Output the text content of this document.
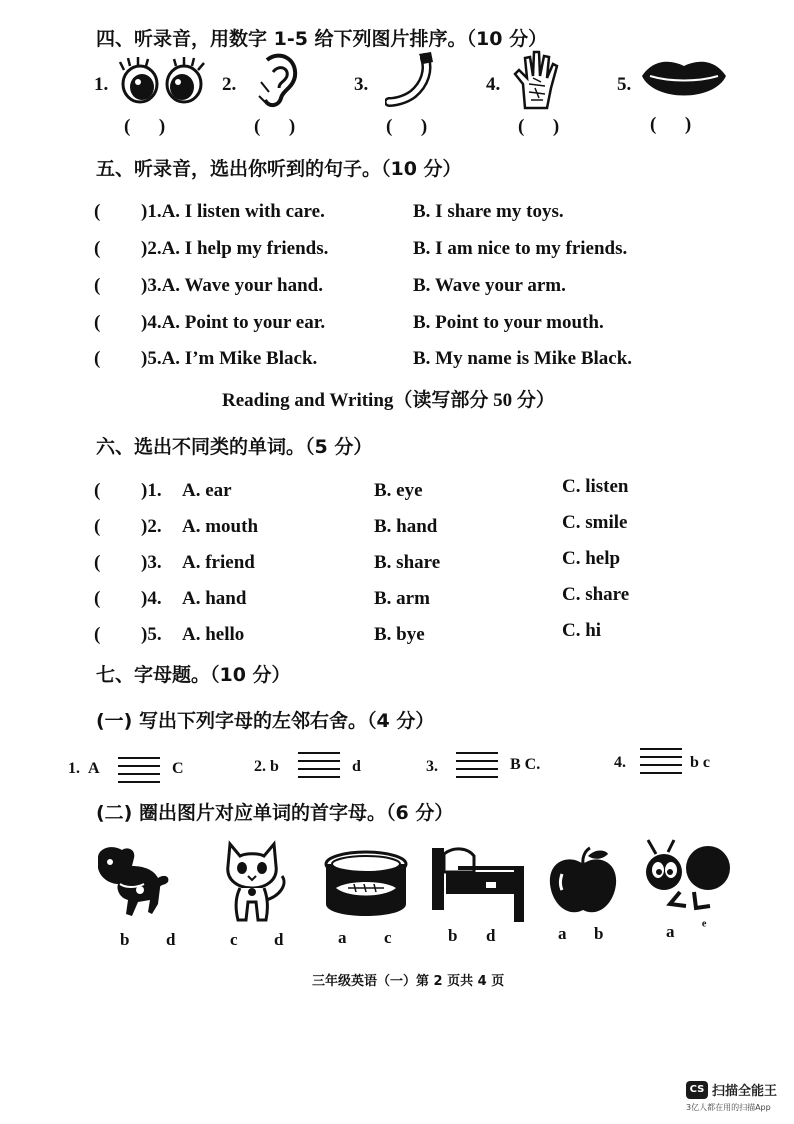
四、听录音，用数字 1-5 给下列图片排序。（10 分）
1.	2.	3.	4.	5.
(      )	(      )	(      )	(      )	(      )
五、听录音，选出你听到的句子。（10 分）
( )1.A. I listen with care.	B. I share my toys.
( )2.A. I help my friends.	B. I am nice to my friends.
( )3.A. Wave your hand.	B. Wave your arm.
( )4.A. Point to your ear.	B. Point to your mouth.
( )5.A. I’m Mike Black.	B. My name is Mike Black.
Reading and Writing（读写部分 50 分）
六、选出不同类的单词。（5 分）
( )1. A. ear	B. eye	C. listen
( )2. A. mouth	B. hand	C. smile
( )3. A. friend	B. share	C. help
( )4. A. hand	B. arm	C. share
( )5. A. hello	B. bye	C. hi
七、字母题。（10 分）
(一) 写出下列字母的左邻右舍。（4 分）
1. A	C	2. b	d	3.	B C.	4.	b c
(二) 圈出图片对应单词的首字母。（6 分）
b d	c d	a c	b d	a b	a ᵉ
三年级英语（一）第 2 页共 4 页
CS 扫描全能王
3亿人都在用的扫描App
